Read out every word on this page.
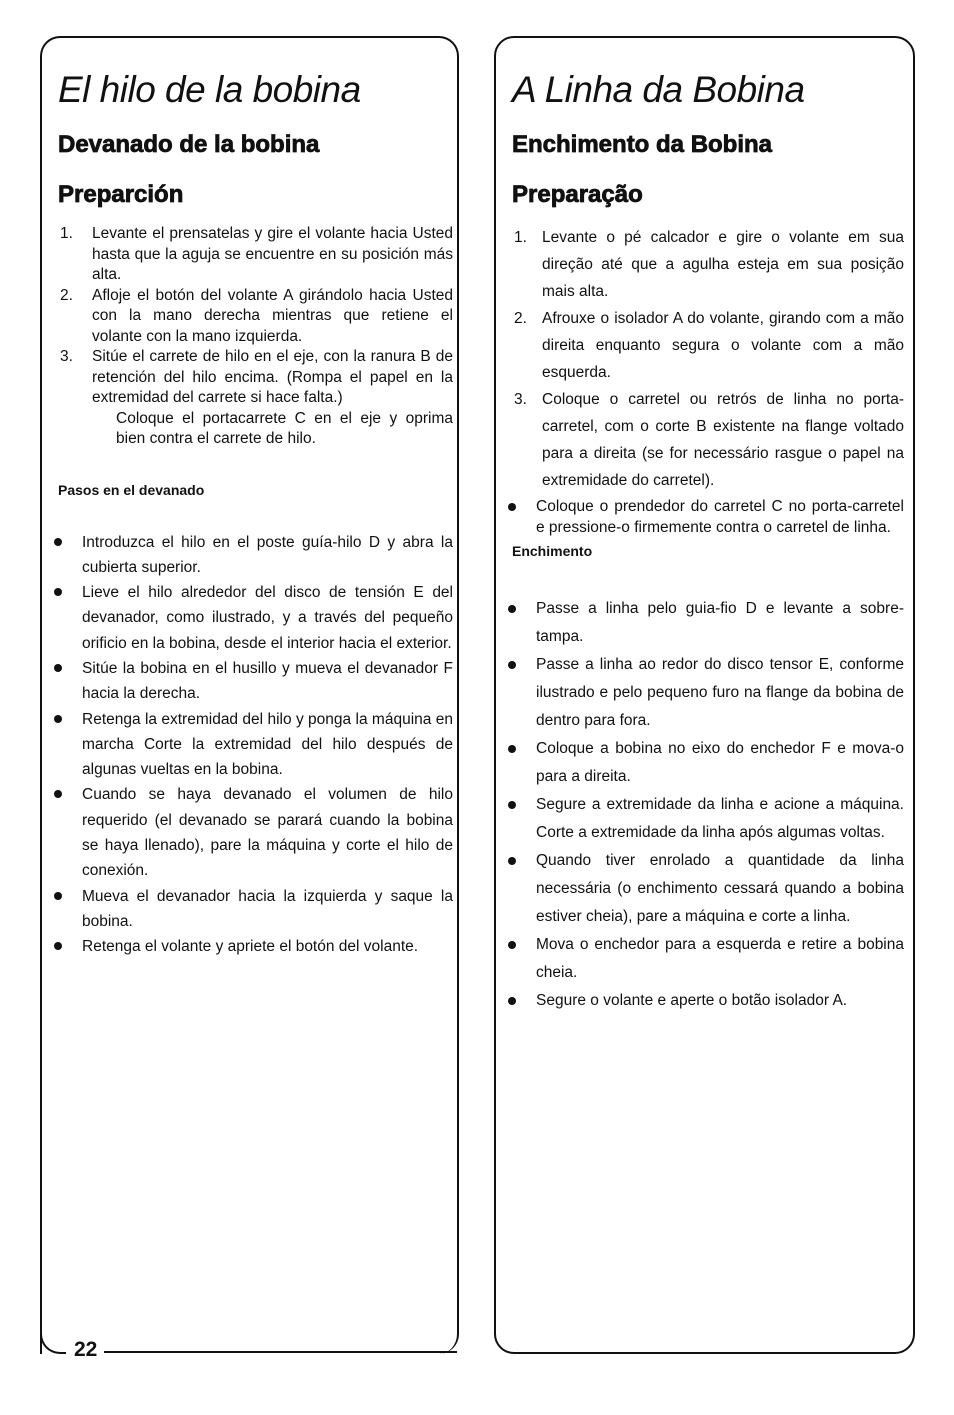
22
El hilo de la bobina
Devanado de la bobina
Preparción
1. Levante el prensatelas y gire el volante hacia Usted hasta que la aguja se encuentre en su posición más alta.
2. Afloje el botón del volante A girándolo hacia Usted con la mano derecha mientras que retiene el volante con la mano izquierda.
3. Sitúe el carrete de hilo en el eje, con la ranura B de retención del hilo encima. (Rompa el papel en la extremidad del carrete si hace falta.)
Coloque el portacarrete C en el eje y oprima bien contra el carrete de hilo.
Pasos en el devanado
Introduzca el hilo en el poste guía-hilo D y abra la cubierta superior.
Lieve el hilo alrededor del disco de tensión E del devanador, como ilustrado, y a través del pequeño orificio en la bobina, desde el interior hacia el exterior.
Sitúe la bobina en el husillo y mueva el devanador F hacia la derecha.
Retenga la extremidad del hilo y ponga la máquina en marcha Corte la extremidad del hilo después de algunas vueltas en la bobina.
Cuando se haya devanado el volumen de hilo requerido (el devanado se parará cuando la bobina se haya llenado), pare la máquina y corte el hilo de conexión.
Mueva el devanador hacia la izquierda y saque la bobina.
Retenga el volante y apriete el botón del volante.
A Linha da Bobina
Enchimento da Bobina
Preparação
1. Levante o pé calcador e gire o volante em sua direção até que a agulha esteja em sua posição mais alta.
2. Afrouxe o isolador A do volante, girando com a mão direita enquanto segura o volante com a mão esquerda.
3. Coloque o carretel ou retrós de linha no porta-carretel, com o corte B existente na flange voltado para a direita (se for necessário rasgue o papel na extremidade do carretel).
Coloque o prendedor do carretel C no porta-carretel e pressione-o firmemente contra o carretel de linha.
Enchimento
Passe a linha pelo guia-fio D e levante a sobre-tampa.
Passe a linha ao redor do disco tensor E, conforme ilustrado e pelo pequeno furo na flange da bobina de dentro para fora.
Coloque a bobina no eixo do enchedor F e mova-o para a direita.
Segure a extremidade da linha e acione a máquina. Corte a extremidade da linha após algumas voltas.
Quando tiver enrolado a quantidade da linha necessária (o enchimento cessará quando a bobina estiver cheia), pare a máquina e corte a linha.
Mova o enchedor para a esquerda e retire a bobina cheia.
Segure o volante e aperte o botão isolador A.
